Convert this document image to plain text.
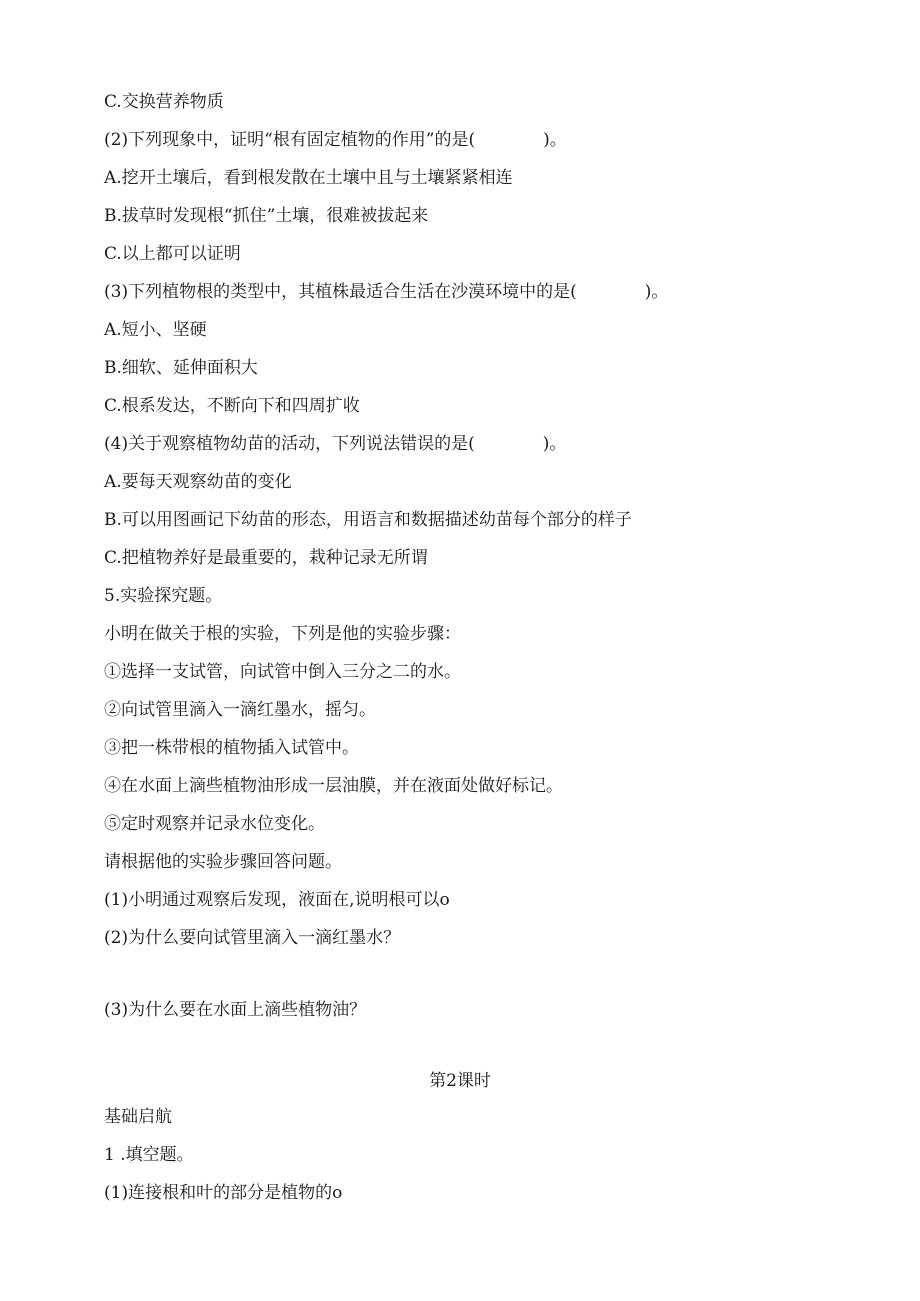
C.交换营养物质
(2)下列现象中，证明“根有固定植物的作用”的是(　　　　)。
A.挖开土壤后，看到根发散在土壤中且与土壤紧紧相连
B.拔草时发现根“抓住”土壤，很难被拔起来
C.以上都可以证明
(3)下列植物根的类型中，其植株最适合生活在沙漠环境中的是(　　　　)。
A.短小、坚硬
B.细软、延伸面积大
C.根系发达，不断向下和四周扩收
(4)关于观察植物幼苗的活动，下列说法错误的是(　　　　)。
A.要每天观察幼苗的变化
B.可以用图画记下幼苗的形态，用语言和数据描述幼苗每个部分的样子
C.把植物养好是最重要的，栽种记录无所谓
5.实验探究题。
小明在做关于根的实验，下列是他的实验步骤：
①选择一支试管，向试管中倒入三分之二的水。
②向试管里滴入一滴红墨水，摇匀。
③把一株带根的植物插入试管中。
④在水面上滴些植物油形成一层油膜，并在液面处做好标记。
⑤定时观察并记录水位变化。
请根据他的实验步骤回答问题。
(1)小明通过观察后发现，液面在,说明根可以o
(2)为什么要向试管里滴入一滴红墨水？
(3)为什么要在水面上滴些植物油？
第2课时
基础启航
1 .填空题。
(1)连接根和叶的部分是植物的o
